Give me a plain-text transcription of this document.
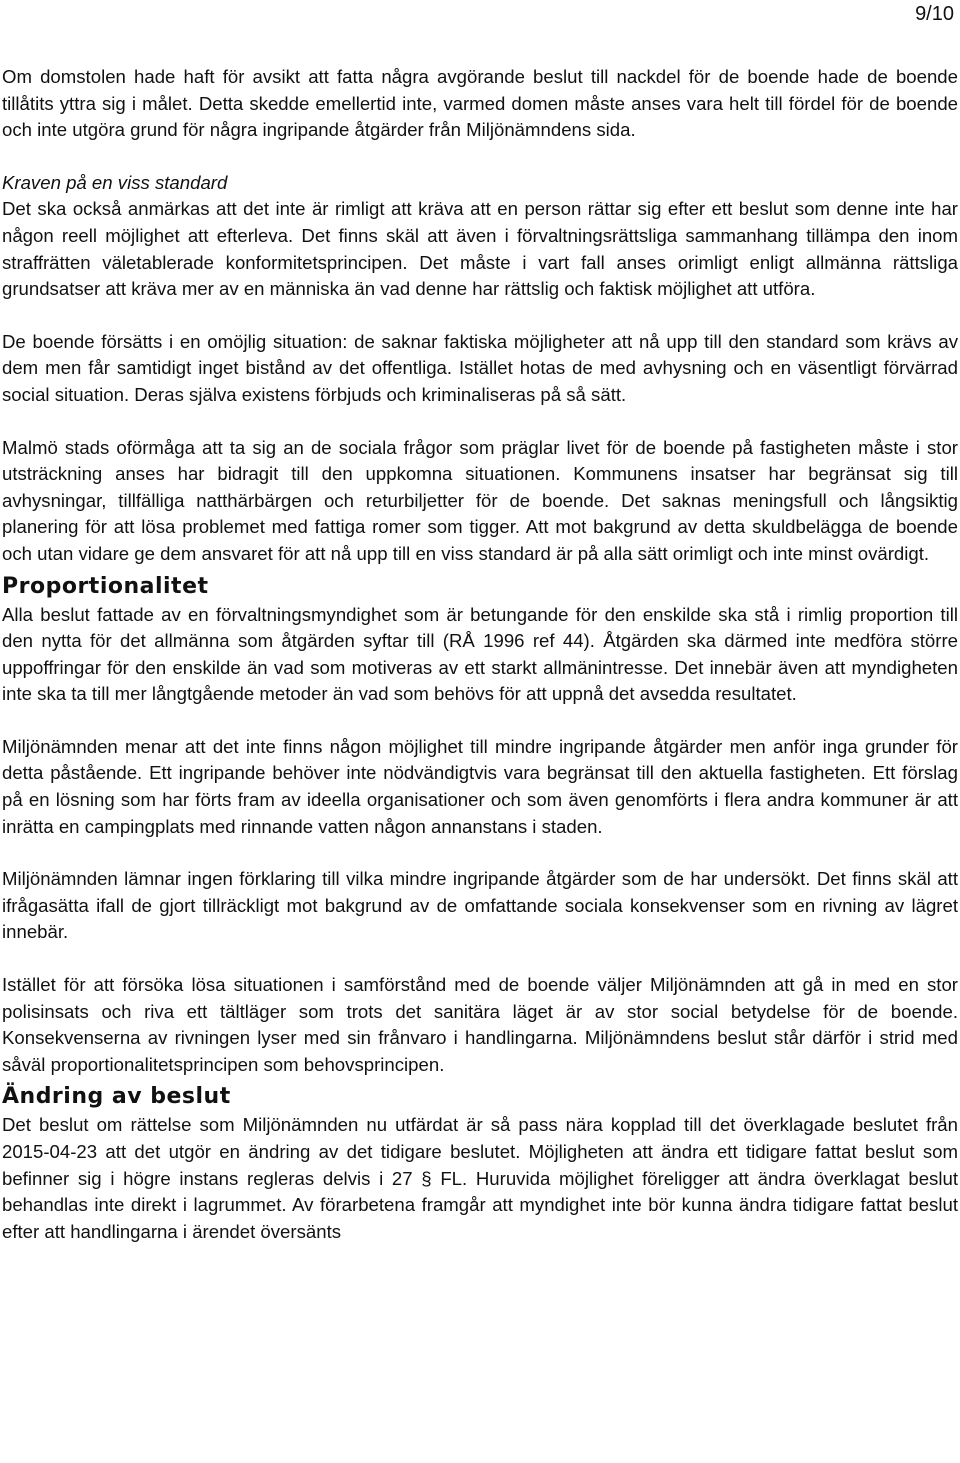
9/10

Om domstolen hade haft för avsikt att fatta några avgörande beslut till nackdel för de boende hade de boende tillåtits yttra sig i målet. Detta skedde emellertid inte, varmed domen måste anses vara helt till fördel för de boende och inte utgöra grund för några ingripande åtgärder från Miljönämndens sida.

Kraven på en viss standard

Det ska också anmärkas att det inte är rimligt att kräva att en person rättar sig efter ett beslut som denne inte har någon reell möjlighet att efterleva. Det finns skäl att även i förvaltningsrättsliga sammanhang tillämpa den inom straffrätten väletablerade konformitetsprincipen. Det måste i vart fall anses orimligt enligt allmänna rättsliga grundsatser att kräva mer av en människa än vad denne har rättslig och faktisk möjlighet att utföra.

De boende försätts i en omöjlig situation: de saknar faktiska möjligheter att nå upp till den standard som krävs av dem men får samtidigt inget bistånd av det offentliga. Istället hotas de med avhysning och en väsentligt förvärrad social situation. Deras själva existens förbjuds och kriminaliseras på så sätt.

Malmö stads oförmåga att ta sig an de sociala frågor som präglar livet för de boende på fastigheten måste i stor utsträckning anses har bidragit till den uppkomna situationen. Kommunens insatser har begränsat sig till avhysningar, tillfälliga natthärbärgen och returbiljetter för de boende. Det saknas meningsfull och långsiktig planering för att lösa problemet med fattiga romer som tigger. Att mot bakgrund av detta skuldbelägga de boende och utan vidare ge dem ansvaret för att nå upp till en viss standard är på alla sätt orimligt och inte minst ovärdigt.

Proportionalitet

Alla beslut fattade av en förvaltningsmyndighet som är betungande för den enskilde ska stå i rimlig proportion till den nytta för det allmänna som åtgärden syftar till (RÅ 1996 ref 44). Åtgärden ska därmed inte medföra större uppoffringar för den enskilde än vad som motiveras av ett starkt allmänintresse. Det innebär även att myndigheten inte ska ta till mer långtgående metoder än vad som behövs för att uppnå det avsedda resultatet.

Miljönämnden menar att det inte finns någon möjlighet till mindre ingripande åtgärder men anför inga grunder för detta påstående. Ett ingripande behöver inte nödvändigtvis vara begränsat till den aktuella fastigheten. Ett förslag på en lösning som har förts fram av ideella organisationer och som även genomförts i flera andra kommuner är att inrätta en campingplats med rinnande vatten någon annanstans i staden.

Miljönämnden lämnar ingen förklaring till vilka mindre ingripande åtgärder som de har undersökt. Det finns skäl att ifrågasätta ifall de gjort tillräckligt mot bakgrund av de omfattande sociala konsekvenser som en rivning av lägret innebär.

Istället för att försöka lösa situationen i samförstånd med de boende väljer Miljönämnden att gå in med en stor polisinsats och riva ett tältläger som trots det sanitära läget är av stor social betydelse för de boende. Konsekvenserna av rivningen lyser med sin frånvaro i handlingarna. Miljönämndens beslut står därför i strid med såväl proportionalitetsprincipen som behovsprincipen.

Ändring av beslut

Det beslut om rättelse som Miljönämnden nu utfärdat är så pass nära kopplad till det överklagade beslutet från 2015-04-23 att det utgör en ändring av det tidigare beslutet. Möjligheten att ändra ett tidigare fattat beslut som befinner sig i högre instans regleras delvis i 27 § FL. Huruvida möjlighet föreligger att ändra överklagat beslut behandlas inte direkt i lagrummet. Av förarbetena framgår att myndighet inte bör kunna ändra tidigare fattat beslut efter att handlingarna i ärendet översänts
